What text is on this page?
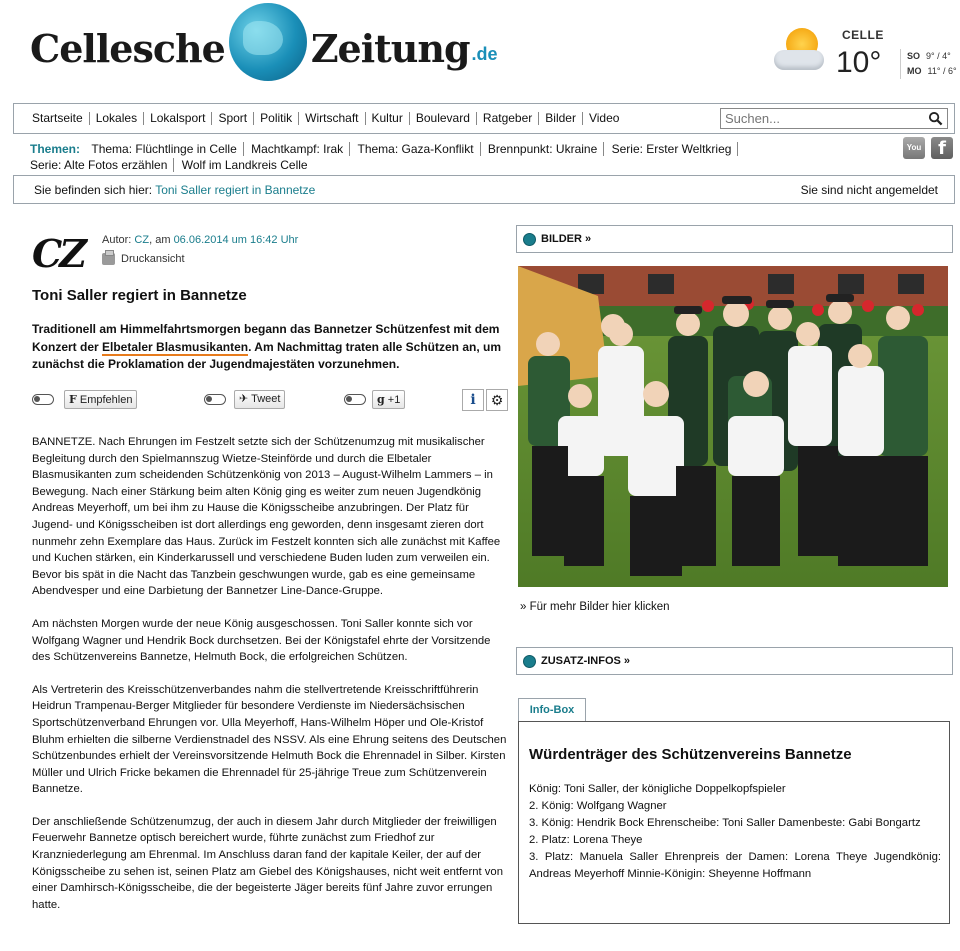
Cellesche Zeitung .de
CELLE
10°	SO 9° / 4°
MO 11° / 6°
Startseite	Lokales	Lokalsport	Sport	Politik	Wirtschaft	Kultur	Boulevard	Ratgeber	Bilder	Video
Suchen...
Themen: Thema: Flüchtlinge in Celle Machtkampf: Irak Thema: Gaza-Konflikt Brennpunkt: Ukraine Serie: Erster Weltkrieg
Serie: Alte Fotos erzählen Wolf im Landkreis Celle
You f
Sie befinden sich hier: Toni Saller regiert in Bannetze	Sie sind nicht angemeldet
CZ Autor: CZ, am 06.06.2014 um 16:42 Uhr
Druckansicht
Toni Saller regiert in Bannetze
Traditionell am Himmelfahrtsmorgen begann das Bannetzer Schützenfest mit dem Konzert der Elbetaler Blasmusikanten. Am Nachmittag traten alle Schützen an, um zunächst die Proklamation der Jugendmajestäten vorzunehmen.
F Empfehlen	✈ Tweet	g +1	i	⚙

BANNETZE. Nach Ehrungen im Festzelt setzte sich der Schützenumzug mit musikalischer Begleitung durch den Spielmannszug Wietze-Steinförde und durch die Elbetaler Blasmusikanten zum scheidenden Schützenkönig von 2013 – August-Wilhelm Lammers – in Bewegung. Nach einer Stärkung beim alten König ging es weiter zum neuen Jugendkönig Andreas Meyerhoff, um bei ihm zu Hause die Königsscheibe anzubringen. Der Platz für Jugend- und Königsscheiben ist dort allerdings eng geworden, denn insgesamt zieren dort nunmehr zehn Exemplare das Haus. Zurück im Festzelt konnten sich alle zunächst mit Kaffee und Kuchen stärken, ein Kinderkarussell und verschiedene Buden luden zum verweilen ein. Bevor bis spät in die Nacht das Tanzbein geschwungen wurde, gab es eine gemeinsame Abendvesper und eine Darbietung der Bannetzer Line-Dance-Gruppe.

Am nächsten Morgen wurde der neue König ausgeschossen. Toni Saller konnte sich vor Wolfgang Wagner und Hendrik Bock durchsetzen. Bei der Königstafel ehrte der Vorsitzende des Schützenvereins Bannetze, Helmuth Bock, die erfolgreichen Schützen.

Als Vertreterin des Kreisschützenverbandes nahm die stellvertretende Kreisschriftführerin Heidrun Trampenau-Berger Mitglieder für besondere Verdienste im Niedersächsischen Sportschützenverband Ehrungen vor. Ulla Meyerhoff, Hans-Wilhelm Höper und Ole-Kristof Bluhm erhielten die silberne Verdienstnadel des NSSV. Als eine Ehrung seitens des Deutschen Schützenbundes erhielt der Vereinsvorsitzende Helmuth Bock die Ehrennadel in Silber. Kirsten Müller und Ulrich Fricke bekamen die Ehrennadel für 25-jährige Treue zum Schützenverein Bannetze.

Der anschließende Schützenumzug, der auch in diesem Jahr durch Mitglieder der freiwilligen Feuerwehr Bannetze optisch bereichert wurde, führte zunächst zum Friedhof zur Kranzniederlegung am Ehrenmal. Im Anschluss daran fand der kapitale Keiler, der auf der Königsscheibe zu sehen ist, seinen Platz am Giebel des Königshauses, nicht weit entfernt von einer Damhirsch-Königsscheibe, die der begeisterte Jäger bereits fünf Jahre zuvor errungen hatte.

BILDER »
» Für mehr Bilder hier klicken
ZUSATZ-INFOS »
Info-Box
Würdenträger des Schützenvereins Bannetze
König: Toni Saller, der königliche Doppelkopfspieler
2. König: Wolfgang Wagner
3. König: Hendrik Bock Ehrenscheibe: Toni Saller Damenbeste: Gabi Bongartz
2. Platz: Lorena Theye
3. Platz: Manuela Saller Ehrenpreis der Damen: Lorena Theye Jugendkönig: Andreas Meyerhoff Minnie-Königin: Sheyenne Hoffmann
